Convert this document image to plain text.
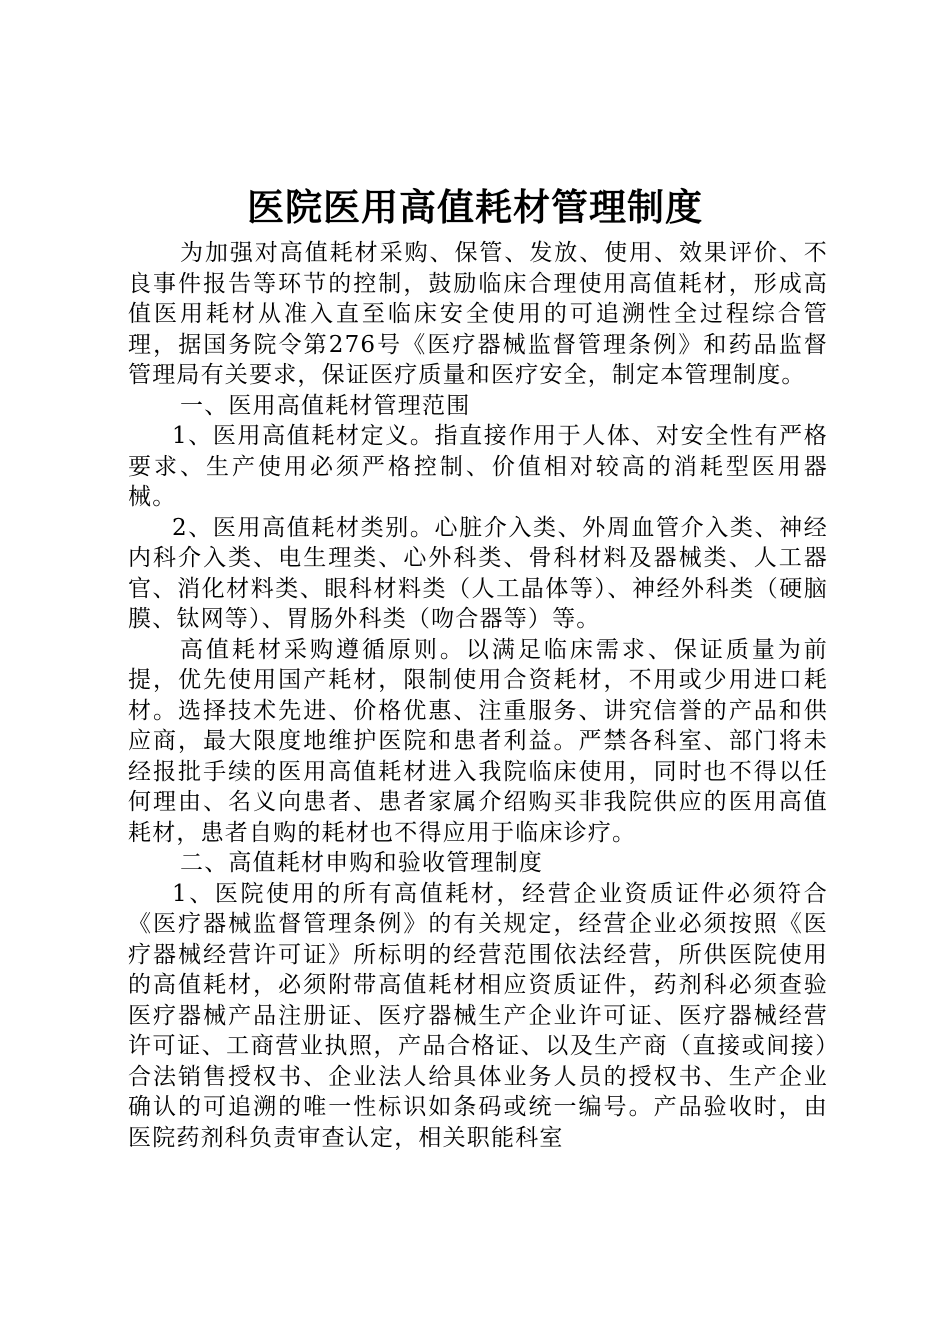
医院医用高值耗材管理制度

为加强对高值耗材采购、保管、发放、使用、效果评价、不良事件报告等环节的控制，鼓励临床合理使用高值耗材，形成高值医用耗材从准入直至临床安全使用的可追溯性全过程综合管理，据国务院令第276号《医疗器械监督管理条例》和药品监督管理局有关要求，保证医疗质量和医疗安全，制定本管理制度。

一、医用高值耗材管理范围

1、医用高值耗材定义。指直接作用于人体、对安全性有严格要求、生产使用必须严格控制、价值相对较高的消耗型医用器械。

2、医用高值耗材类别。心脏介入类、外周血管介入类、神经内科介入类、电生理类、心外科类、骨科材料及器械类、人工器官、消化材料类、眼科材料类（人工晶体等）、神经外科类（硬脑膜、钛网等）、胃肠外科类（吻合器等）等。

高值耗材采购遵循原则。以满足临床需求、保证质量为前提，优先使用国产耗材，限制使用合资耗材，不用或少用进口耗材。选择技术先进、价格优惠、注重服务、讲究信誉的产品和供应商，最大限度地维护医院和患者利益。严禁各科室、部门将未经报批手续的医用高值耗材进入我院临床使用，同时也不得以任何理由、名义向患者、患者家属介绍购买非我院供应的医用高值耗材，患者自购的耗材也不得应用于临床诊疗。

二、高值耗材申购和验收管理制度

1、医院使用的所有高值耗材，经营企业资质证件必须符合《医疗器械监督管理条例》的有关规定，经营企业必须按照《医疗器械经营许可证》所标明的经营范围依法经营，所供医院使用的高值耗材，必须附带高值耗材相应资质证件，药剂科必须查验医疗器械产品注册证、医疗器械生产企业许可证、医疗器械经营许可证、工商营业执照，产品合格证、以及生产商（直接或间接）合法销售授权书、企业法人给具体业务人员的授权书、生产企业确认的可追溯的唯一性标识如条码或统一编号。产品验收时，由医院药剂科负责审查认定，相关职能科室
